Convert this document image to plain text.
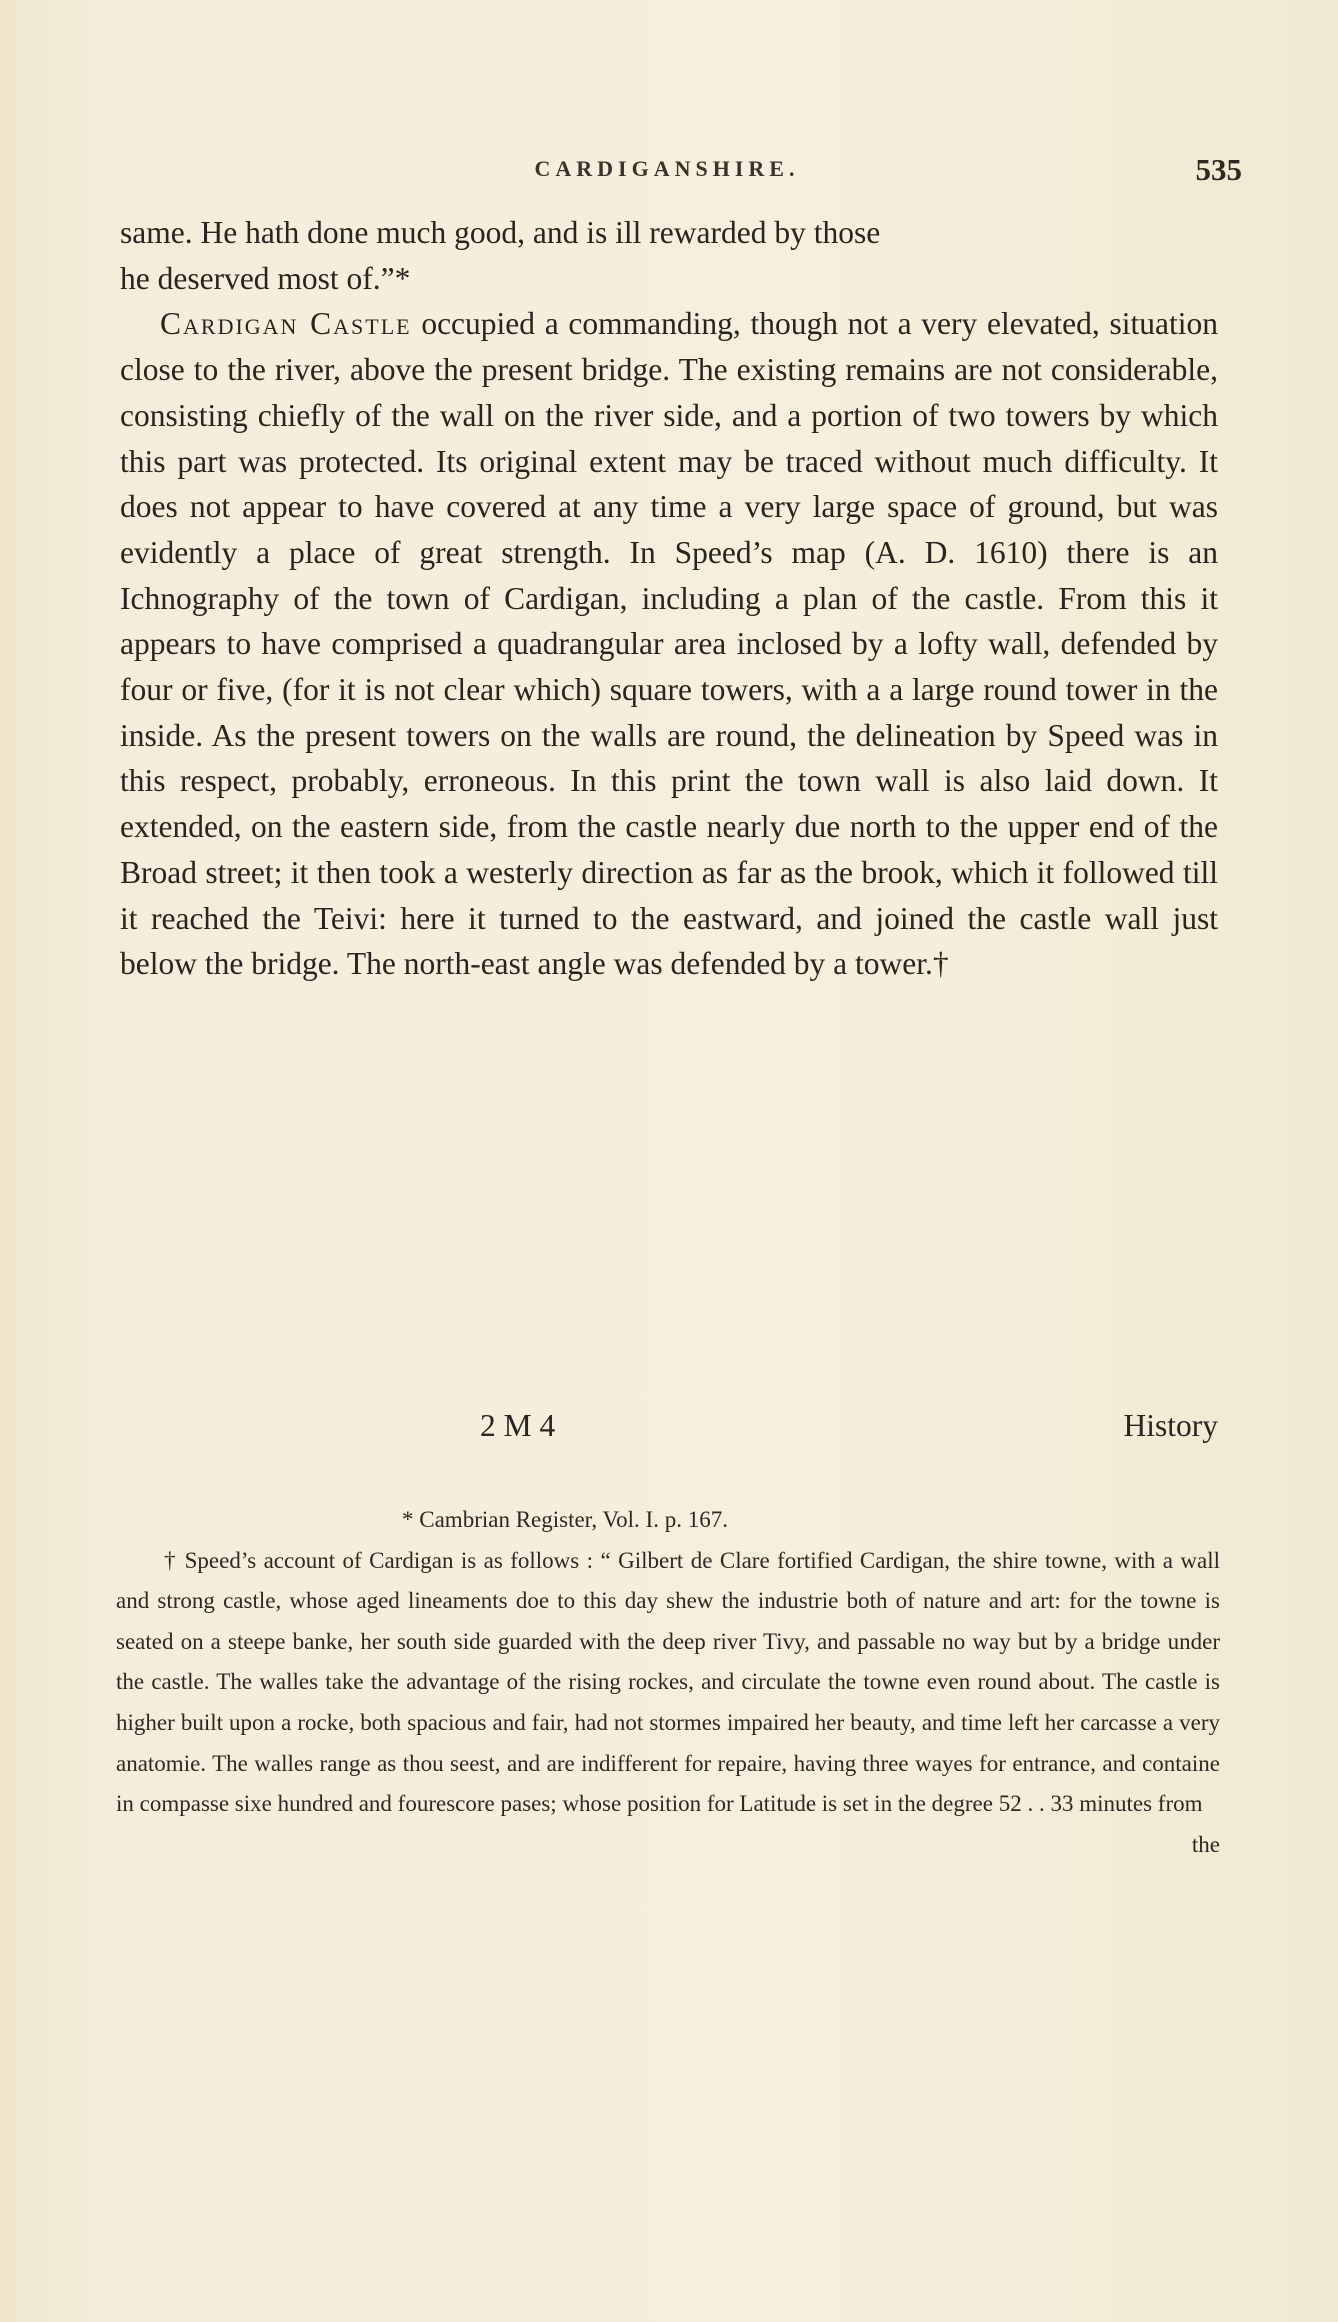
CARDIGANSHIRE.	535

same. He hath done much good, and is ill rewarded by those

he deserved most of.”*

Cardigan Castle occupied a commanding, though not a very elevated, situation close to the river, above the present bridge. The existing remains are not considerable, consisting chiefly of the wall on the river side, and a portion of two towers by which this part was protected. Its original extent may be traced without much difficulty. It does not appear to have covered at any time a very large space of ground, but was evidently a place of great strength. In Speed’s map (A. D. 1610) there is an Ichnography of the town of Cardigan, including a plan of the castle. From this it appears to have comprised a quadrangular area inclosed by a lofty wall, defended by four or five, (for it is not clear which) square towers, with a a large round tower in the inside. As the present towers on the walls are round, the delineation by Speed was in this respect, probably, erroneous. In this print the town wall is also laid down. It extended, on the eastern side, from the castle nearly due north to the upper end of the Broad street; it then took a westerly direction as far as the brook, which it followed till it reached the Teivi: here it turned to the eastward, and joined the castle wall just below the bridge. The north-east angle was defended by a tower.†

2 M 4	History

* Cambrian Register, Vol. I. p. 167.

† Speed’s account of Cardigan is as follows : “ Gilbert de Clare fortified Cardigan, the shire towne, with a wall and strong castle, whose aged lineaments doe to this day shew the industrie both of nature and art: for the towne is seated on a steepe banke, her south side guarded with the deep river Tivy, and passable no way but by a bridge under the castle. The walles take the advantage of the rising rockes, and circulate the towne even round about. The castle is higher built upon a rocke, both spacious and fair, had not stormes impaired her beauty, and time left her carcasse a very anatomie. The walles range as thou seest, and are indifferent for repaire, having three wayes for entrance, and containe in compasse sixe hundred and fourescore pases; whose position for Latitude is set in the degree 52 . . 33 minutes from

the
